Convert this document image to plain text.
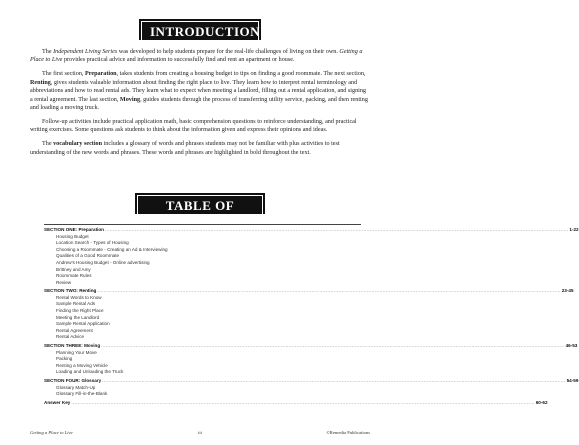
INTRODUCTION

The Independent Living Series was developed to help students prepare for the real-life challenges of living on their own. Getting a Place to Live provides practical advice and information to successfully find and rent an apartment or house.

The first section, Preparation, takes students from creating a housing budget to tips on finding a good roommate. The next section, Renting, gives students valuable information about finding the right place to live. They learn how to interpret rental terminology and abbreviations and how to read rental ads. They learn what to expect when meeting a landlord, filling out a rental application, and signing a rental agreement. The last section, Moving, guides students through the process of transferring utility service, packing, and then renting and loading a moving truck.

Follow-up activities include practical application math, basic comprehension questions to reinforce understanding, and practical writing exercises. Some questions ask students to think about the information given and express their opinions and ideas.

The vocabulary section includes a glossary of words and phrases students may not be familiar with plus activities to test understanding of the new words and phrases. These words and phrases are highlighted in bold throughout the text.

TABLE OF CONTENT
SECTION ONE: Preparation ...................................................................................................................................................................................................................................................................................................... 1-22
Housing Budget
Location Search - Types of Housing
Choosing a Roommate - Creating an Ad & Interviewing
Qualities of a Good Roommate
Andrew's Housing Budget - Online advertising
Brittney and Amy
Roommate Rules
Review
SECTION TWO: Renting ...................................................................................................................................................................................................................................................................................................... 23-45
Rental Words to Know
Sample Rental Ads
Finding the Right Place
Meeting the Landlord
Sample Rental Application
Rental Agreement
Rental Advice
SECTION THREE: Moving ...................................................................................................................................................................................................................................................................................................... 46-53
Planning Your Move
Packing
Renting a Moving Vehicle
Loading and Unloading the Truck
SECTION FOUR: Glossary ...................................................................................................................................................................................................................................................................................................... 54-59
Glossary Match-Up
Glossary Fill-in-the-Blank
Answer Key ...................................................................................................................................................................................................................................................................................................... 60-62
Getting a Place to Live	iii	©Remedia Publications
